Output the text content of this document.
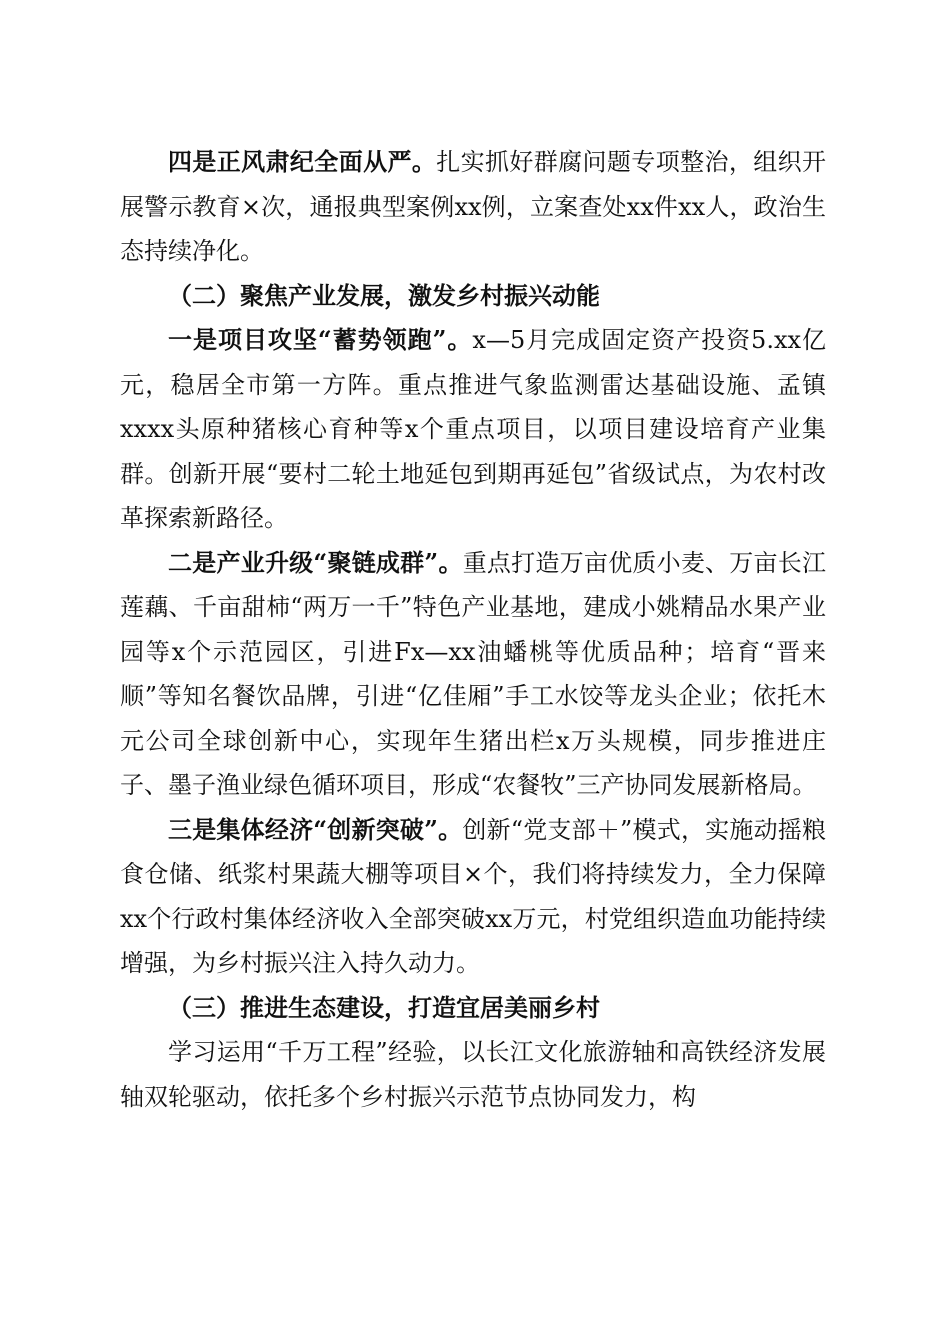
四是正风肃纪全面从严。扎实抓好群腐问题专项整治，组织开展警示教育×次，通报典型案例xx例，立案查处xx件xx人，政治生态持续净化。

（二）聚焦产业发展，激发乡村振兴动能

一是项目攻坚“蓄势领跑”。x—5月完成固定资产投资5.xx亿元，稳居全市第一方阵。重点推进气象监测雷达基础设施、孟镇xxxx头原种猪核心育种等x个重点项目，以项目建设培育产业集群。创新开展“要村二轮土地延包到期再延包”省级试点，为农村改革探索新路径。

二是产业升级“聚链成群”。重点打造万亩优质小麦、万亩长江莲藕、千亩甜柿“两万一千”特色产业基地，建成小姚精品水果产业园等x个示范园区，引进Fx—xx油蟠桃等优质品种；培育“晋来顺”等知名餐饮品牌，引进“亿佳厢”手工水饺等龙头企业；依托木元公司全球创新中心，实现年生猪出栏x万头规模，同步推进庄子、墨子渔业绿色循环项目，形成“农餐牧”三产协同发展新格局。

三是集体经济“创新突破”。创新“党支部＋”模式，实施动摇粮食仓储、纸浆村果蔬大棚等项目×个，我们将持续发力，全力保障xx个行政村集体经济收入全部突破xx万元，村党组织造血功能持续增强，为乡村振兴注入持久动力。

（三）推进生态建设，打造宜居美丽乡村

学习运用“千万工程”经验，以长江文化旅游轴和高铁经济发展轴双轮驱动，依托多个乡村振兴示范节点协同发力，构
